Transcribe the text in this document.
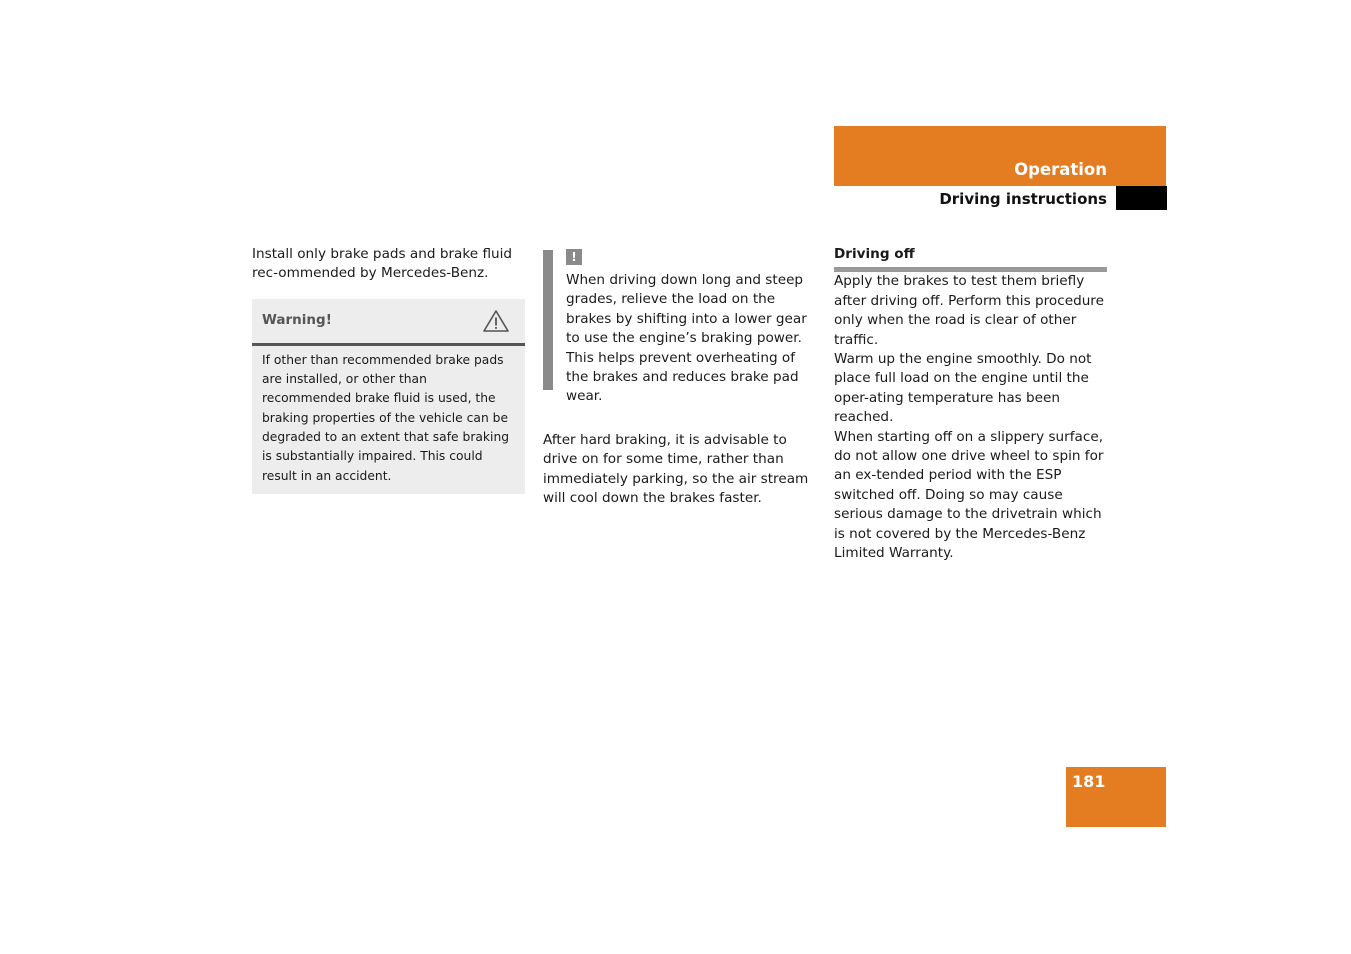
Operation
Driving instructions

Install only brake pads and brake fluid rec-ommended by Mercedes-Benz.

Warning!
If other than recommended brake pads are installed, or other than recommended brake fluid is used, the braking properties of the vehicle can be degraded to an extent that safe braking is substantially impaired. This could result in an accident.
!

When driving down long and steep grades, relieve the load on the brakes by shifting into a lower gear to use the engine’s braking power. This helps prevent overheating of the brakes and reduces brake pad wear.

After hard braking, it is advisable to drive on for some time, rather than immediately parking, so the air stream will cool down the brakes faster.

Driving off

Apply the brakes to test them briefly after driving off. Perform this procedure only when the road is clear of other traffic.

Warm up the engine smoothly. Do not place full load on the engine until the oper-ating temperature has been reached.

When starting off on a slippery surface, do not allow one drive wheel to spin for an ex-tended period with the ESP switched off. Doing so may cause serious damage to the drivetrain which is not covered by the Mercedes-Benz Limited Warranty.

181
